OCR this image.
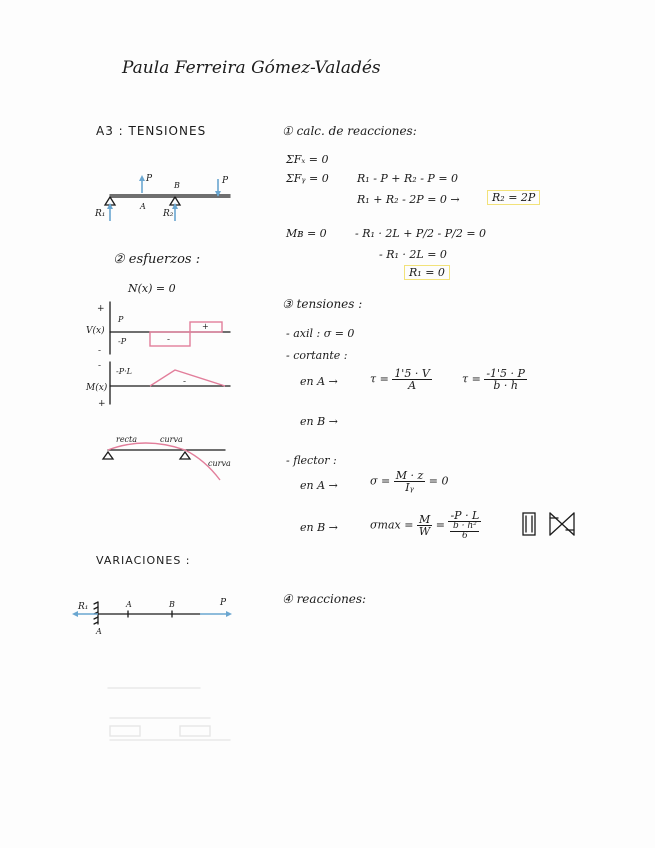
Paula Ferreira Gómez-Valadés
A3 : TENSIONES
P	P
A
B
R₁	R₂
② esfuerzos :
N(x) = 0
+
P
V(x)
-P
-
-
+
-
-P·L
M(x)
+
-
recta	curva
curva
① calc. de reacciones:
ΣFₓ = 0
ΣFᵧ = 0	R₁ - P + R₂ - P = 0
R₁ + R₂ - 2P = 0 →	R₂ = 2P
Mʙ = 0	- R₁ · 2L + P/2 - P/2 = 0
- R₁ · 2L = 0
R₁ = 0
③ tensiones :
- axil : σ = 0
- cortante :
en A →	$\tau = \frac{1'5 \cdot V}{A}$	$\tau = \frac{-1'5 \cdot P}{b \cdot h}$
en B →
- flector :
en A →	$\sigma = \frac{M \cdot z}{\text{Iᵧ}} = 0$
en B →	$\sigma\max = \frac{M}{W} = -P \cdot L$
b · h²
6
VARIACIONES :
R₁	A	B	P
A
④ reacciones:
